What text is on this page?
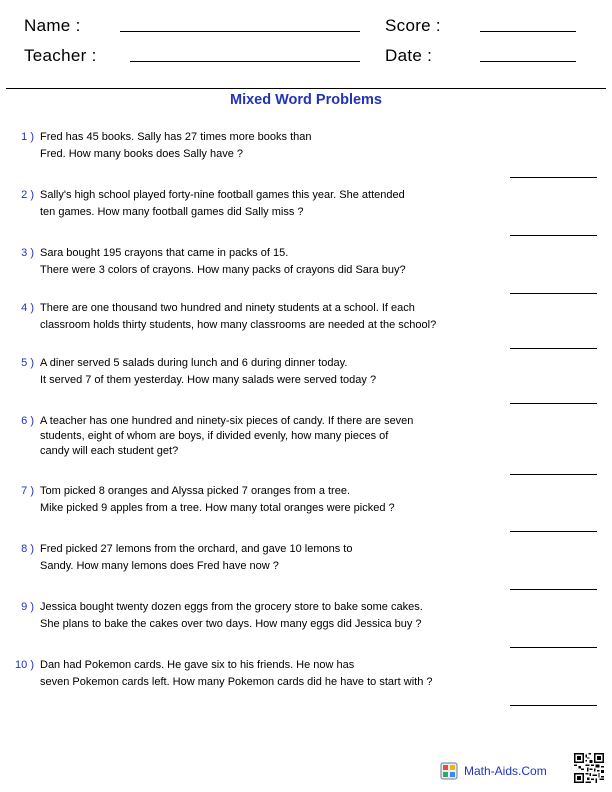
Name :	Score :
Teacher :	Date :
Mixed Word Problems
1 ) Fred has 45 books. Sally has 27 times more books than
Fred. How many books does Sally have ?
2 ) Sally's high school played forty-nine football games this year. She attended
ten games. How many football games did Sally miss ?
3 ) Sara bought 195 crayons that came in packs of 15.
There were 3 colors of crayons. How many packs of crayons did Sara buy?
4 ) There are one thousand two hundred and ninety students at a school. If each
classroom holds thirty students, how many classrooms are needed at the school?
5 ) A diner served 5 salads during lunch and 6 during dinner today.
It served 7 of them yesterday. How many salads were served today ?
6 ) A teacher has one hundred and ninety-six pieces of candy. If there are seven
students, eight of whom are boys, if divided evenly, how many pieces of
candy will each student get?
7 ) Tom picked 8 oranges and Alyssa picked 7 oranges from a tree.
Mike picked 9 apples from a tree. How many total oranges were picked ?
8 ) Fred picked 27 lemons from the orchard, and gave 10 lemons to
Sandy. How many lemons does Fred have now ?
9 ) Jessica bought twenty dozen eggs from the grocery store to bake some cakes.
She plans to bake the cakes over two days. How many eggs did Jessica buy ?
10 ) Dan had Pokemon cards. He gave six to his friends. He now has
seven Pokemon cards left. How many Pokemon cards did he have to start with ?
Math-Aids.Com
